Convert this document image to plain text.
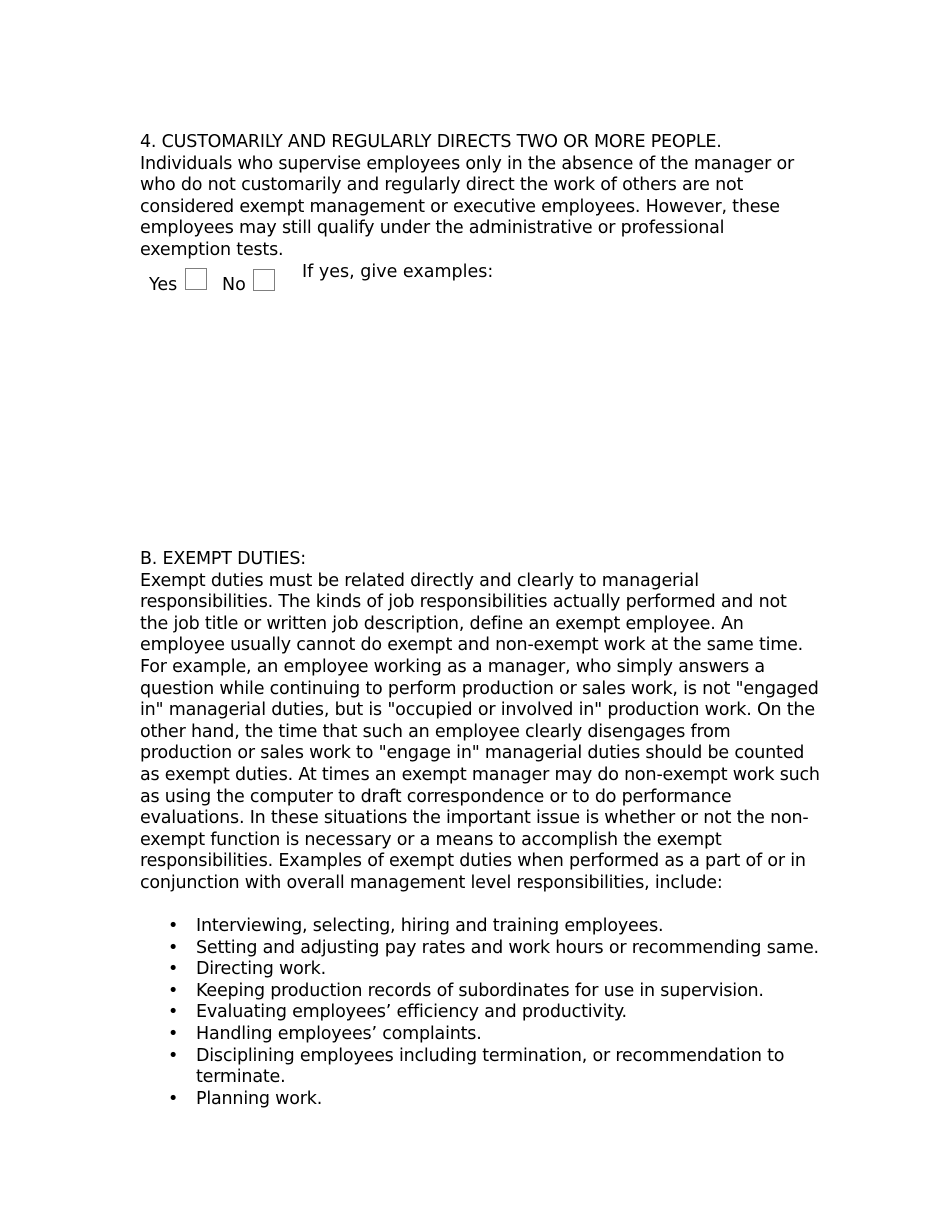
4. CUSTOMARILY AND REGULARLY DIRECTS TWO OR MORE PEOPLE.

Individuals who supervise employees only in the absence of the manager or who do not customarily and regularly direct the work of others are not considered exempt management or executive employees. However, these employees may still qualify under the administrative or professional exemption tests.

Yes	No
If yes, give examples:
B. EXEMPT DUTIES:

Exempt duties must be related directly and clearly to managerial responsibilities. The kinds of job responsibilities actually performed and not the job title or written job description, define an exempt employee. An employee usually cannot do exempt and non-exempt work at the same time. For example, an employee working as a manager, who simply answers a question while continuing to perform production or sales work, is not "engaged in" managerial duties, but is "occupied or involved in" production work. On the other hand, the time that such an employee clearly disengages from production or sales work to "engage in" managerial duties should be counted as exempt duties. At times an exempt manager may do non-exempt work such as using the computer to draft correspondence or to do performance evaluations. In these situations the important issue is whether or not the non-exempt function is necessary or a means to accomplish the exempt responsibilities. Examples of exempt duties when performed as a part of or in conjunction with overall management level responsibilities, include:

• Interviewing, selecting, hiring and training employees.
• Setting and adjusting pay rates and work hours or recommending same.
• Directing work.
• Keeping production records of subordinates for use in supervision.
• Evaluating employees’ efficiency and productivity.
• Handling employees’ complaints.
• Disciplining employees including termination, or recommendation to terminate.
• Planning work.
